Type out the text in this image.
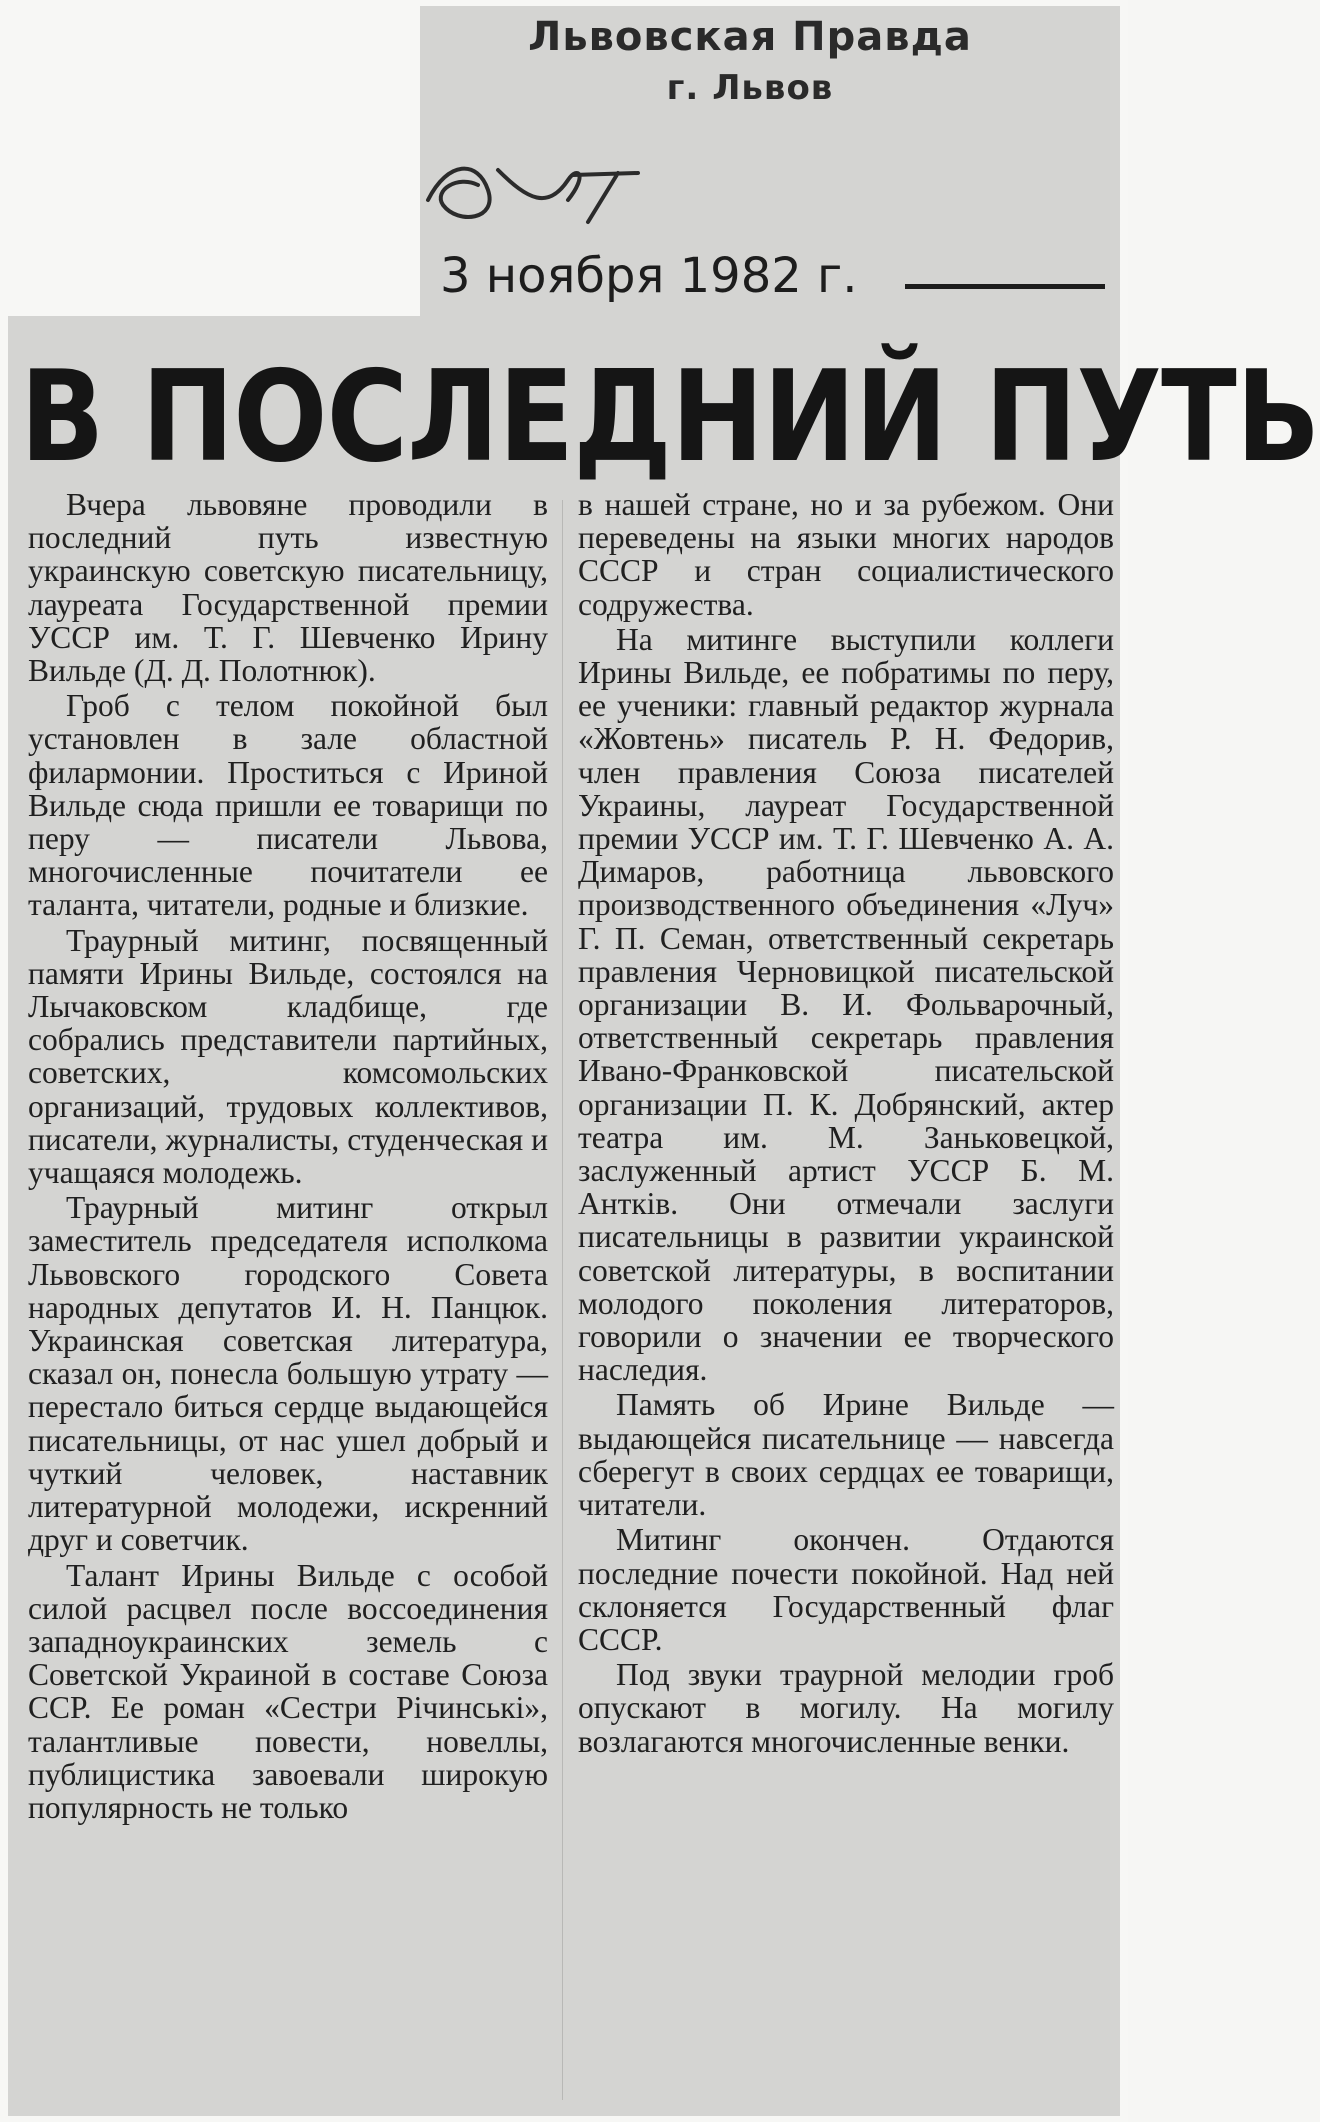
Львовская Правда
г. Львов
3 ноября 1982 г.
В ПОСЛЕДНИЙ ПУТЬ

Вчера львовяне проводили в последний путь известную украинскую советскую писательницу, лауреата Государственной премии УССР им. Т. Г. Шевченко Ирину Вильде (Д. Д. Полотнюк).

Гроб с телом покойной был установлен в зале областной филармонии. Проститься с Ириной Вильде сюда пришли ее товарищи по перу — писатели Львова, многочисленные почитатели ее таланта, читатели, родные и близкие.

Траурный митинг, посвященный памяти Ирины Вильде, состоялся на Лычаковском кладбище, где собрались представители партийных, советских, комсомольских организаций, трудовых коллективов, писатели, журналисты, студенческая и учащаяся молодежь.

Траурный митинг открыл заместитель председателя исполкома Львовского городского Совета народных депутатов И. Н. Панцюк. Украинская советская литература, сказал он, понесла большую утрату — перестало биться сердце выдающейся писательницы, от нас ушел добрый и чуткий человек, наставник литературной молодежи, искренний друг и советчик.

Талант Ирины Вильде с особой силой расцвел после воссоединения западноукраинских земель с Советской Украиной в составе Союза ССР. Ее роман «Сестри Річинські», талантливые повести, новеллы, публицистика завоевали широкую популярность не только

в нашей стране, но и за рубежом. Они переведены на языки многих народов СССР и стран социалистического содружества.

На митинге выступили коллеги Ирины Вильде, ее побратимы по перу, ее ученики: главный редактор журнала «Жовтень» писатель Р. Н. Федорив, член правления Союза писателей Украины, лауреат Государственной премии УССР им. Т. Г. Шевченко А. А. Димаров, работница львовского производственного объединения «Луч» Г. П. Семан, ответственный секретарь правления Черновицкой писательской организации В. И. Фольварочный, ответственный секретарь правления Ивано-Франковской писательской организации П. К. Добрянский, актер театра им. М. Заньковецкой, заслуженный артист УССР Б. М. Антків. Они отмечали заслуги писательницы в развитии украинской советской литературы, в воспитании молодого поколения литераторов, говорили о значении ее творческого наследия.

Память об Ирине Вильде — выдающейся писательнице — навсегда сберегут в своих сердцах ее товарищи, читатели.

Митинг окончен. Отдаются последние почести покойной. Над ней склоняется Государственный флаг СССР.

Под звуки траурной мелодии гроб опускают в могилу. На могилу возлагаются многочисленные венки.
